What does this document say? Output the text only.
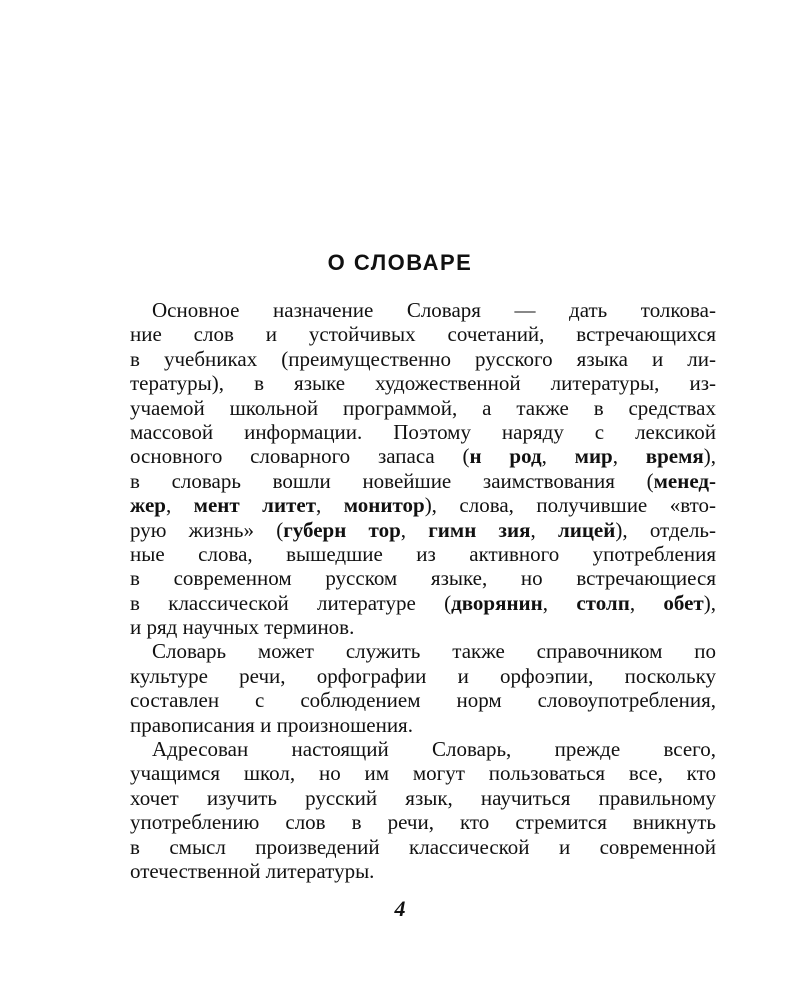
О СЛОВАРЕ
Основное назначение Словаря — дать толкова-
ние слов и устойчивых сочетаний, встречающихся
в учебниках (преимущественно русского языка и ли-
тературы), в языке художественной литературы, из-
учаемой школьной программой, а также в средствах
массовой информации. Поэтому наряду с лексикой
основного словарного запаса (н род, мир, время),
в словарь вошли новейшие заимствования (менед-
жер, мент литет, монитор), слова, получившие «вто-
рую жизнь» (губерн тор, гимн зия, лицей), отдель-
ные слова, вышедшие из активного употребления
в современном русском языке, но встречающиеся
в классической литературе (дворянин, столп, обет),
и ряд научных терминов.
Словарь может служить также справочником по
культуре речи, орфографии и орфоэпии, поскольку
составлен с соблюдением норм словоупотребления,
правописания и произношения.
Адресован настоящий Словарь, прежде всего,
учащимся школ, но им могут пользоваться все, кто
хочет изучить русский язык, научиться правильному
употреблению слов в речи, кто стремится вникнуть
в смысл произведений классической и современной
отечественной литературы.
4
